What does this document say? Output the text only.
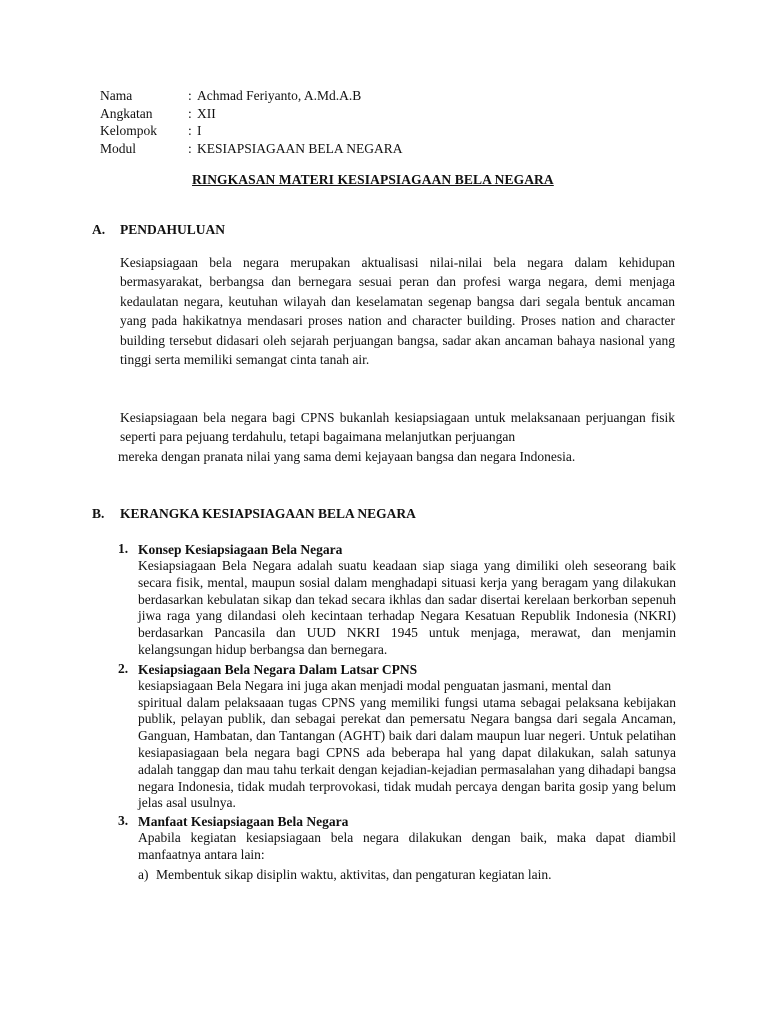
Nama	: Achmad Feriyanto, A.Md.A.B
Angkatan	: XII
Kelompok	: I
Modul	: KESIAPSIAGAAN BELA NEGARA
RINGKASAN MATERI KESIAPSIAGAAN BELA NEGARA
A.	PENDAHULUAN
Kesiapsiagaan bela negara merupakan aktualisasi nilai-nilai bela negara dalam kehidupan bermasyarakat, berbangsa dan bernegara sesuai peran dan profesi warga negara, demi menjaga kedaulatan negara, keutuhan wilayah dan keselamatan segenap bangsa dari segala bentuk ancaman yang pada hakikatnya mendasari proses nation and character building. Proses nation and character building tersebut didasari oleh sejarah perjuangan bangsa, sadar akan ancaman bahaya nasional yang tinggi serta memiliki semangat cinta tanah air.
Kesiapsiagaan bela negara bagi CPNS bukanlah kesiapsiagaan untuk melaksanaan perjuangan fisik seperti para pejuang terdahulu, tetapi bagaimana melanjutkan perjuangan
mereka dengan pranata nilai yang sama demi kejayaan bangsa dan negara Indonesia.
B.	KERANGKA KESIAPSIAGAAN BELA NEGARA
1. Konsep Kesiapsiagaan Bela Negara
Kesiapsiagaan Bela Negara adalah suatu keadaan siap siaga yang dimiliki oleh seseorang baik secara fisik, mental, maupun sosial dalam menghadapi situasi kerja yang beragam yang dilakukan berdasarkan kebulatan sikap dan tekad secara ikhlas dan sadar disertai kerelaan berkorban sepenuh jiwa raga yang dilandasi oleh kecintaan terhadap Negara Kesatuan Republik Indonesia (NKRI) berdasarkan Pancasila dan UUD NKRI 1945 untuk menjaga, merawat, dan menjamin kelangsungan hidup berbangsa dan bernegara.
2. Kesiapsiagaan Bela Negara Dalam Latsar CPNS
kesiapsiagaan Bela Negara ini juga akan menjadi modal penguatan jasmani, mental dan
spiritual dalam pelaksaaan tugas CPNS yang memiliki fungsi utama sebagai pelaksana kebijakan publik, pelayan publik, dan sebagai perekat dan pemersatu Negara bangsa dari segala Ancaman, Ganguan, Hambatan, dan Tantangan (AGHT) baik dari dalam maupun luar negeri. Untuk pelatihan kesiapasiagaan bela negara bagi CPNS ada beberapa hal yang dapat dilakukan, salah satunya adalah tanggap dan mau tahu terkait dengan kejadian-kejadian permasalahan yang dihadapi bangsa negara Indonesia, tidak mudah terprovokasi, tidak mudah percaya dengan barita gosip yang belum jelas asal usulnya.
3. Manfaat Kesiapsiagaan Bela Negara
Apabila kegiatan kesiapsiagaan bela negara dilakukan dengan baik, maka dapat diambil manfaatnya antara lain:
a) Membentuk sikap disiplin waktu, aktivitas, dan pengaturan kegiatan lain.
